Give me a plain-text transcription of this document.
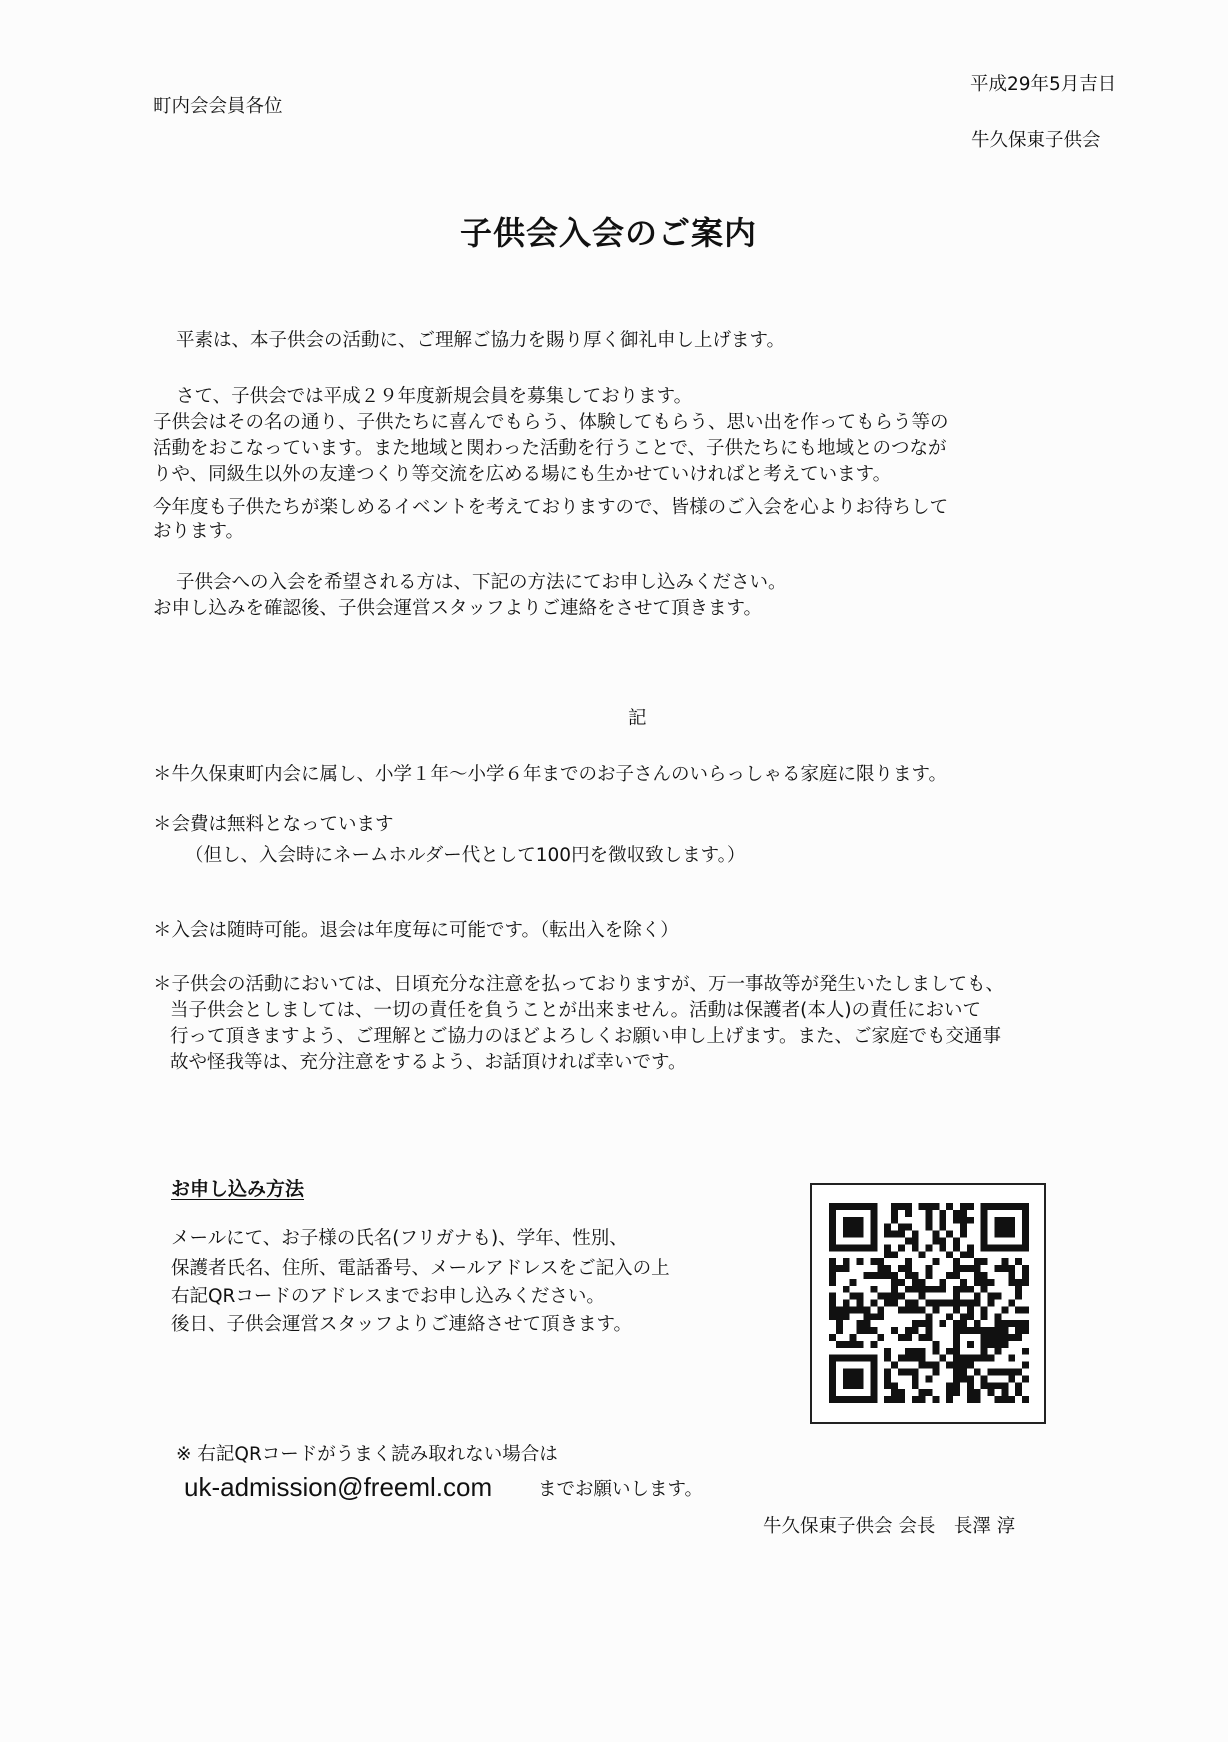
町内会会員各位
平成29年5月吉日
牛久保東子供会
子供会入会のご案内
平素は、本子供会の活動に、ご理解ご協力を賜り厚く御礼申し上げます。
さて、子供会では平成２９年度新規会員を募集しております。
子供会はその名の通り、子供たちに喜んでもらう、体験してもらう、思い出を作ってもらう等の
活動をおこなっています。また地域と関わった活動を行うことで、子供たちにも地域とのつなが
りや、同級生以外の友達つくり等交流を広める場にも生かせていければと考えています。
今年度も子供たちが楽しめるイベントを考えておりますので、皆様のご入会を心よりお待ちして
おります。
子供会への入会を希望される方は、下記の方法にてお申し込みください。
お申し込みを確認後、子供会運営スタッフよりご連絡をさせて頂きます。
記
＊牛久保東町内会に属し、小学１年～小学６年までのお子さんのいらっしゃる家庭に限ります。
＊会費は無料となっています
（但し、入会時にネームホルダー代として100円を徴収致します。）
＊入会は随時可能。退会は年度毎に可能です。（転出入を除く）
＊子供会の活動においては、日頃充分な注意を払っておりますが、万一事故等が発生いたしましても、
当子供会としましては、一切の責任を負うことが出来ません。活動は保護者(本人)の責任において
行って頂きますよう、ご理解とご協力のほどよろしくお願い申し上げます。また、ご家庭でも交通事
故や怪我等は、充分注意をするよう、お話頂ければ幸いです。
お申し込み方法
メールにて、お子様の氏名(フリガナも)、学年、性別、
保護者氏名、住所、電話番号、メールアドレスをご記入の上
右記QRコードのアドレスまでお申し込みください。
後日、子供会運営スタッフよりご連絡させて頂きます。
※ 右記QRコードがうまく読み取れない場合は
uk-admission@freeml.com までお願いします。
牛久保東子供会 会長　長澤 淳
